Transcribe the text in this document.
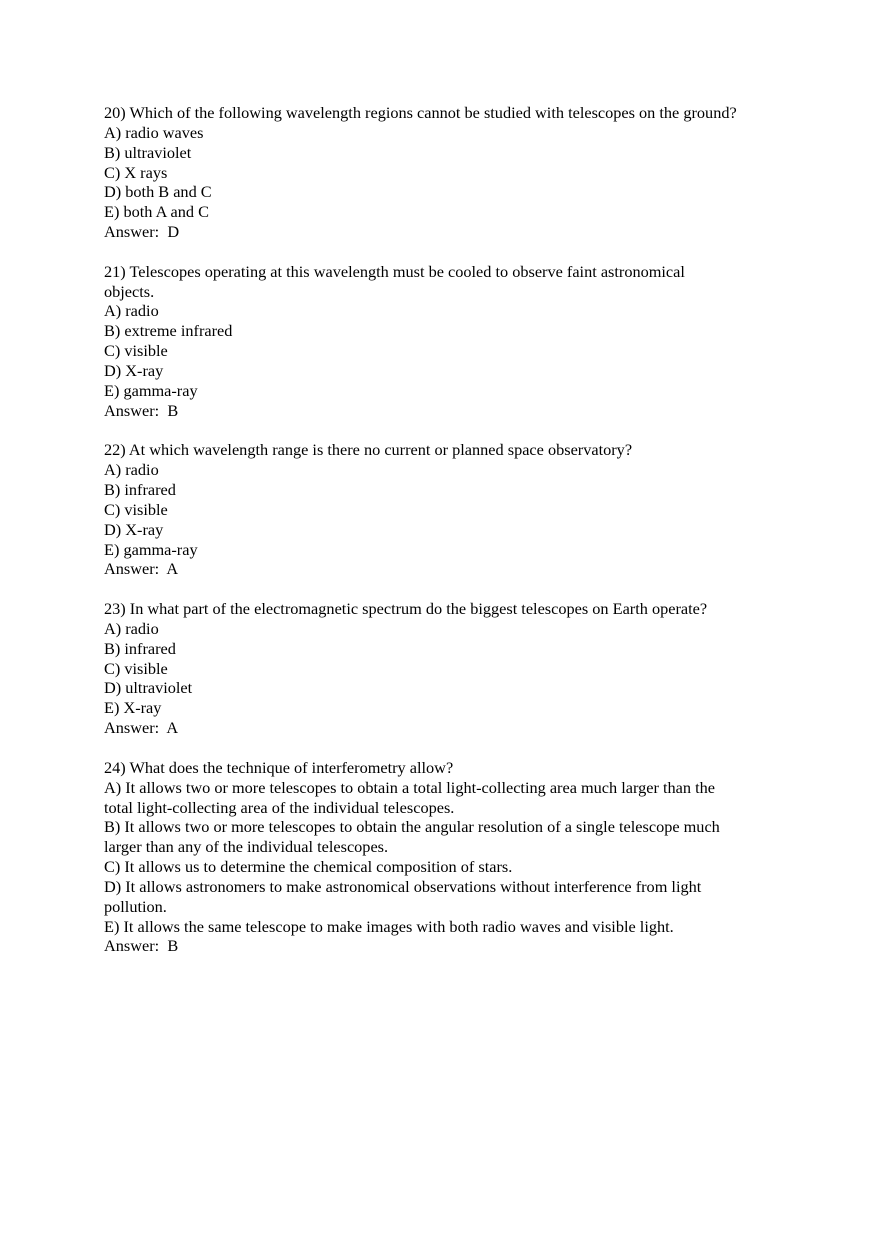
20) Which of the following wavelength regions cannot be studied with telescopes on the ground?
A) radio waves
B) ultraviolet
C) X rays
D) both B and C
E) both A and C
Answer: D
21) Telescopes operating at this wavelength must be cooled to observe faint astronomical
objects.
A) radio
B) extreme infrared
C) visible
D) X-ray
E) gamma-ray
Answer: B
22) At which wavelength range is there no current or planned space observatory?
A) radio
B) infrared
C) visible
D) X-ray
E) gamma-ray
Answer: A
23) In what part of the electromagnetic spectrum do the biggest telescopes on Earth operate?
A) radio
B) infrared
C) visible
D) ultraviolet
E) X-ray
Answer: A
24) What does the technique of interferometry allow?
A) It allows two or more telescopes to obtain a total light-collecting area much larger than the
total light-collecting area of the individual telescopes.
B) It allows two or more telescopes to obtain the angular resolution of a single telescope much
larger than any of the individual telescopes.
C) It allows us to determine the chemical composition of stars.
D) It allows astronomers to make astronomical observations without interference from light
pollution.
E) It allows the same telescope to make images with both radio waves and visible light.
Answer: B
